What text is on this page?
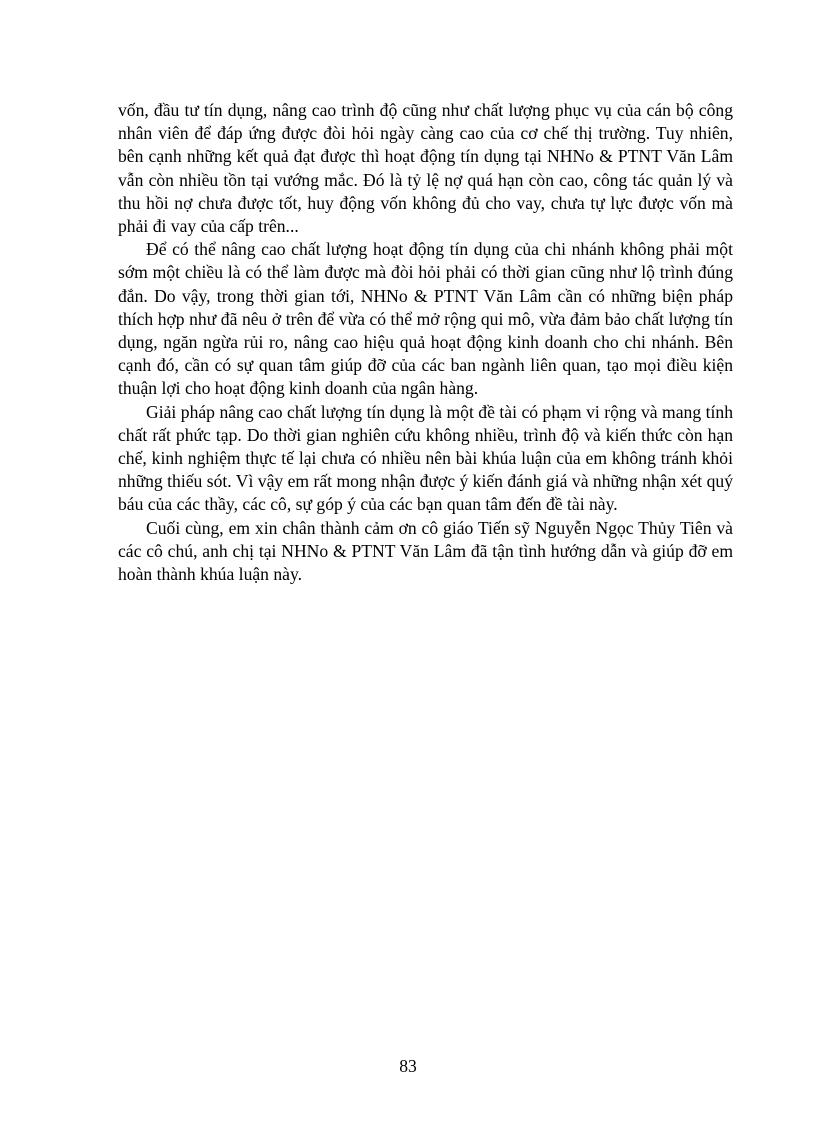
vốn, đầu tư tín dụng, nâng cao trình độ cũng như chất lượng phục vụ của cán bộ công nhân viên để đáp ứng được đòi hỏi ngày càng cao của cơ chế thị trường. Tuy nhiên, bên cạnh những kết quả đạt được thì hoạt động tín dụng tại NHNo & PTNT Văn Lâm vẫn còn nhiều tồn tại vướng mắc. Đó là tỷ lệ nợ quá hạn còn cao, công tác quản lý và thu hồi nợ chưa được tốt, huy động vốn không đủ cho vay, chưa tự lực được vốn mà phải đi vay của cấp trên...

Để có thể nâng cao chất lượng hoạt động tín dụng của chi nhánh không phải một sớm một chiều là có thể làm được mà đòi hỏi phải có thời gian cũng như lộ trình đúng đắn. Do vậy, trong thời gian tới, NHNo & PTNT Văn Lâm cần có những biện pháp thích hợp như đã nêu ở trên để vừa có thể mở rộng qui mô, vừa đảm bảo chất lượng tín dụng, ngăn ngừa rủi ro, nâng cao hiệu quả hoạt động kinh doanh cho chi nhánh. Bên cạnh đó, cần có sự quan tâm giúp đỡ của các ban ngành liên quan, tạo mọi điều kiện thuận lợi cho hoạt động kinh doanh của ngân hàng.

Giải pháp nâng cao chất lượng tín dụng là một đề tài có phạm vi rộng và mang tính chất rất phức tạp. Do thời gian nghiên cứu không nhiều, trình độ và kiến thức còn hạn chế, kinh nghiệm thực tế lại chưa có nhiều nên bài khúa luận của em không tránh khỏi những thiếu sót. Vì vậy em rất mong nhận được ý kiến đánh giá và những nhận xét quý báu của các thầy, các cô, sự góp ý của các bạn quan tâm đến đề tài này.

Cuối cùng, em xin chân thành cảm ơn cô giáo Tiến sỹ Nguyễn Ngọc Thủy Tiên và các cô chú, anh chị tại NHNo & PTNT Văn Lâm đã tận tình hướng dẫn và giúp đỡ em hoàn thành khúa luận này.

83
